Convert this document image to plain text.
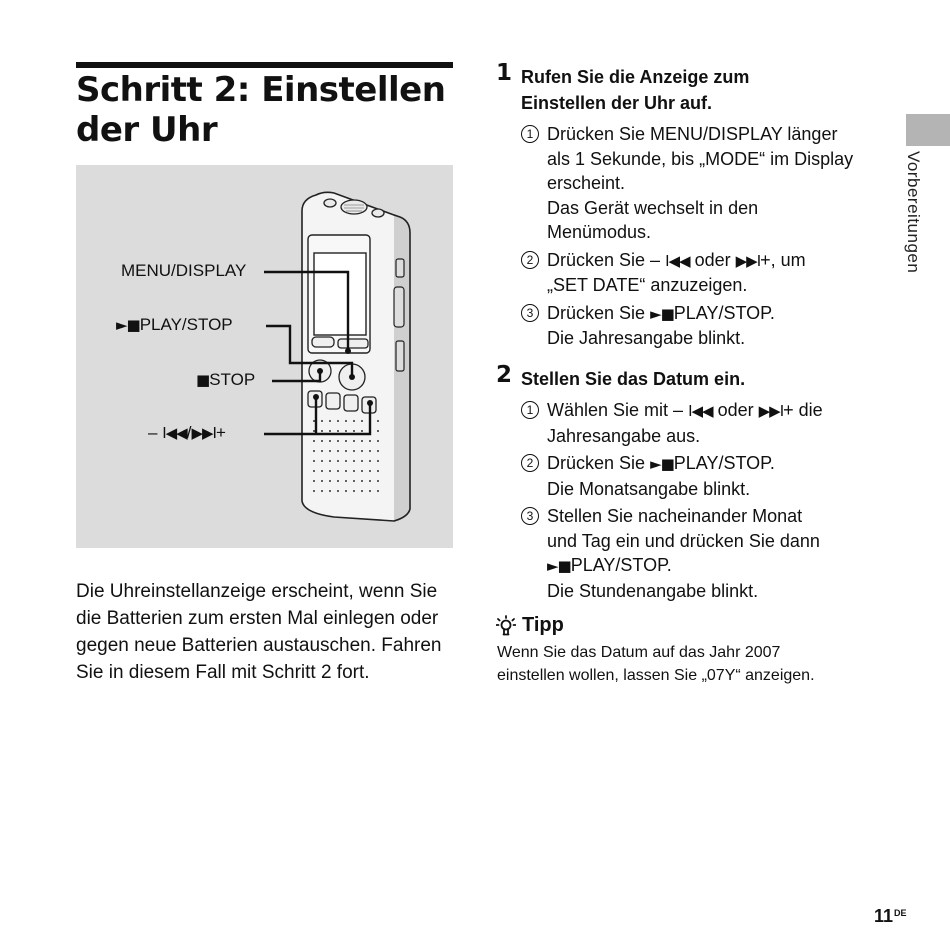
Schritt 2: Einstellen
der Uhr
MENU/DISPLAY
►■PLAY/STOP
■STOP
– I◀◀/▶▶I+

Die Uhreinstellanzeige erscheint, wenn Sie die Batterien zum ersten Mal einlegen oder gegen neue Batterien austauschen. Fahren Sie in diesem Fall mit Schritt 2 fort.

1 Rufen Sie die Anzeige zum
Einstellen der Uhr auf.
1 Drücken Sie MENU/DISPLAY länger
als 1 Sekunde, bis „MODE“ im Display
erscheint.
Das Gerät wechselt in den
Menümodus.
2 Drücken Sie – I◀◀ oder ▶▶I+, um
„SET DATE“ anzuzeigen.
3 Drücken Sie ►■PLAY/STOP.
Die Jahresangabe blinkt.
2 Stellen Sie das Datum ein.
1 Wählen Sie mit – I◀◀ oder ▶▶I+ die
Jahresangabe aus.
2 Drücken Sie ►■PLAY/STOP.
Die Monatsangabe blinkt.
3 Stellen Sie nacheinander Monat
und Tag ein und drücken Sie dann
►■PLAY/STOP.
Die Stundenangabe blinkt.
Tipp
Wenn Sie das Datum auf das Jahr 2007
einstellen wollen, lassen Sie „07Y“ anzeigen.
Vorbereitungen
11DE
